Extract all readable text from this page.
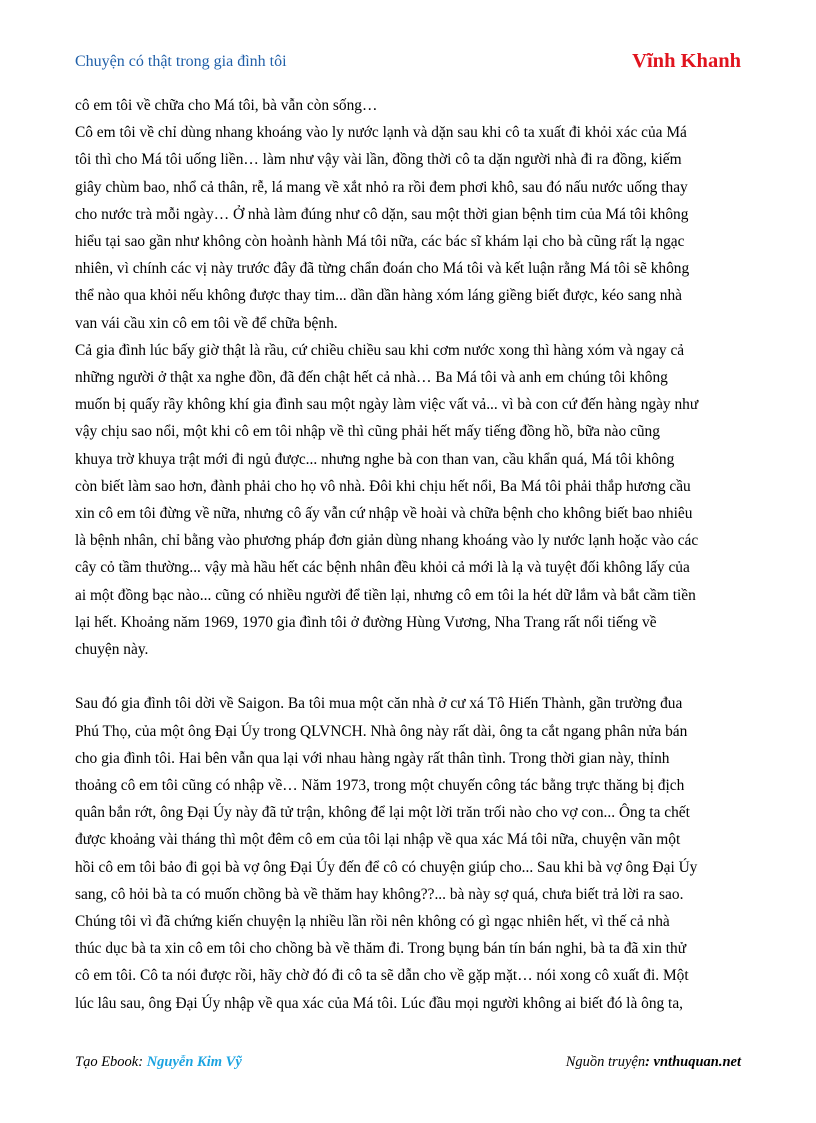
Chuyện có thật trong gia đình tôi	Vĩnh Khanh

cô em tôi về chữa cho Má tôi, bà vẫn còn sống…

Cô em tôi về chỉ dùng nhang khoáng vào ly nước lạnh và dặn sau khi cô ta xuất đi khỏi xác của Má
tôi thì cho Má tôi uống liền… làm như vậy vài lần, đồng thời cô ta dặn người nhà đi ra đồng, kiếm
giây chùm bao, nhổ cả thân, rễ, lá mang về xắt nhỏ ra rồi đem phơi khô, sau đó nấu nước uống thay
cho nước trà mỗi ngày… Ở nhà làm đúng như cô dặn, sau một thời gian bệnh tim của Má tôi không
hiểu tại sao gần như không còn hoành hành Má tôi nữa, các bác sĩ khám lại cho bà cũng rất lạ ngạc
nhiên, vì chính các vị này trước đây đã từng chẩn đoán cho Má tôi và kết luận rằng Má tôi sẽ không
thể nào qua khỏi nếu không được thay tim... dần dần hàng xóm láng giềng biết được, kéo sang nhà
van vái cầu xin cô em tôi về để chữa bệnh.

Cả gia đình lúc bấy giờ thật là rầu, cứ chiều chiều sau khi cơm nước xong thì hàng xóm và ngay cả
những người ở thật xa nghe đồn, đã đến chật hết cả nhà… Ba Má tôi và anh em chúng tôi không
muốn bị quấy rầy không khí gia đình sau một ngày làm việc vất vả... vì bà con cứ đến hàng ngày như
vậy chịu sao nổi, một khi cô em tôi nhập về thì cũng phải hết mấy tiếng đồng hồ, bữa nào cũng
khuya trờ khuya trật mới đi ngủ được... nhưng nghe bà con than van, cầu khẩn quá, Má tôi không
còn biết làm sao hơn, đành phải cho họ vô nhà. Đôi khi chịu hết nổi, Ba Má tôi phải thắp hương cầu
xin cô em tôi đừng về nữa, nhưng cô ấy vẫn cứ nhập về hoài và chữa bệnh cho không biết bao nhiêu
là bệnh nhân, chỉ bằng vào phương pháp đơn giản dùng nhang khoáng vào ly nước lạnh hoặc vào các
cây cỏ tầm thường... vậy mà hầu hết các bệnh nhân đều khỏi cả mới là lạ và tuyệt đối không lấy của
ai một đồng bạc nào... cũng có nhiều người để tiền lại, nhưng cô em tôi la hét dữ lắm và bắt cầm tiền
lại hết. Khoảng năm 1969, 1970 gia đình tôi ở đường Hùng Vương, Nha Trang rất nổi tiếng về
chuyện này.

Sau đó gia đình tôi dời về Saigon. Ba tôi mua một căn nhà ở cư xá Tô Hiến Thành, gần trường đua
Phú Thọ, của một ông Đại Úy trong QLVNCH. Nhà ông này rất dài, ông ta cắt ngang phân nửa bán
cho gia đình tôi. Hai bên vẫn qua lại với nhau hàng ngày rất thân tình. Trong thời gian này, thỉnh
thoảng cô em tôi cũng có nhập về… Năm 1973, trong một chuyến công tác bằng trực thăng bị địch
quân bắn rớt, ông Đại Úy này đã tử trận, không để lại một lời trăn trối nào cho vợ con... Ông ta chết
được khoảng vài tháng thì một đêm cô em của tôi lại nhập về qua xác Má tôi nữa, chuyện vãn một
hồi cô em tôi bảo đi gọi bà vợ ông Đại Úy đến để cô có chuyện giúp cho... Sau khi bà vợ ông Đại Úy
sang, cô hỏi bà ta có muốn chồng bà về thăm hay không??... bà này sợ quá, chưa biết trả lời ra sao.
Chúng tôi vì đã chứng kiến chuyện lạ nhiều lần rồi nên không có gì ngạc nhiên hết, vì thế cả nhà
thúc dục bà ta xin cô em tôi cho chồng bà về thăm đi. Trong bụng bán tín bán nghi, bà ta đã xin thử
cô em tôi. Cô ta nói được rồi, hãy chờ đó đi cô ta sẽ dẫn cho về gặp mặt… nói xong cô xuất đi. Một
lúc lâu sau, ông Đại Úy nhập về qua xác của Má tôi. Lúc đầu mọi người không ai biết đó là ông ta,

Tạo Ebook: Nguyễn Kim Vỹ	Nguồn truyện: vnthuquan.net
